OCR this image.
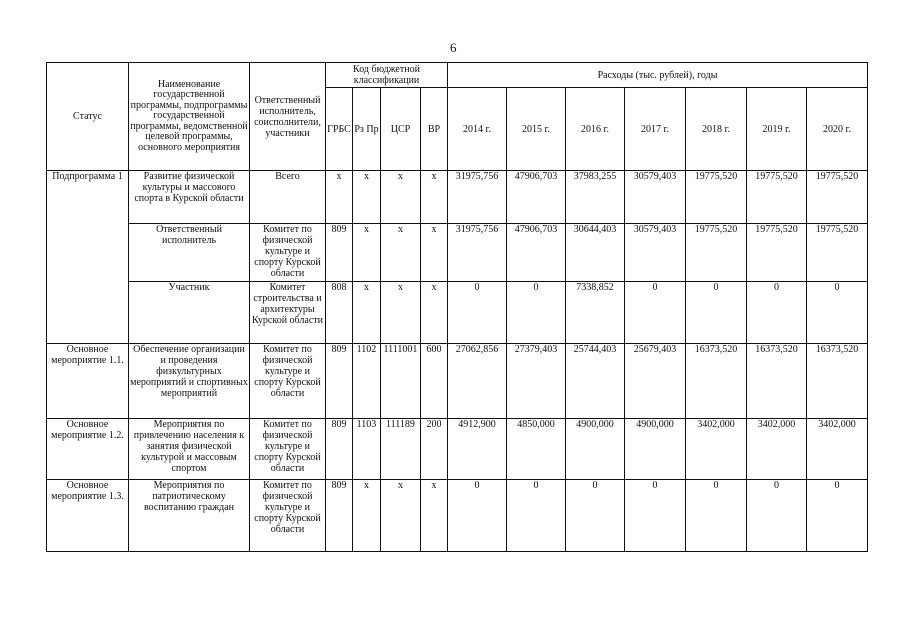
6
Статус	Наименование государственной программы, подпрограммы государственной программы, ведомственной целевой программы, основного мероприятия	Ответственный исполнитель, соисполнители, участники	Код бюджетной классификации				Расходы (тыс. рублей), годы						
			ГРБС	Рз Пр	ЦСР	ВР	2014 г.	2015 г.	2016 г.	2017 г.	2018 г.	2019 г.	2020 г.
Подпрограмма 1	Развитие физической культуры и массового спорта в Курской области	Всего	х	х	х	х	31975,756	47906,703	37983,255	30579,403	19775,520	19775,520	19775,520
	Ответственный исполнитель	Комитет по физической культуре и спорту Курской области	809	х	х	х	31975,756	47906,703	30644,403	30579,403	19775,520	19775,520	19775,520
	Участник	Комитет строительства и архитектуры Курской области	808	х	х	х	0	0	7338,852	0	0	0	0
Основное мероприятие 1.1.	Обеспечение организации и проведения физкультурных мероприятий и спортивных мероприятий	Комитет по физической культуре и спорту Курской области	809	1102	1111001	600	27062,856	27379,403	25744,403	25679,403	16373,520	16373,520	16373,520
Основное мероприятие 1.2.	Мероприятия по привлечению населения к занятия физической культурой и массовым спортом	Комитет по физической культуре и спорту Курской области	809	1103	111189	200	4912,900	4850,000	4900,000	4900,000	3402,000	3402,000	3402,000
Основное мероприятие 1.3.	Мероприятия по патриотическому воспитанию граждан	Комитет по физической культуре и спорту Курской области	809	х	х	х	0	0	0	0	0	0	0
